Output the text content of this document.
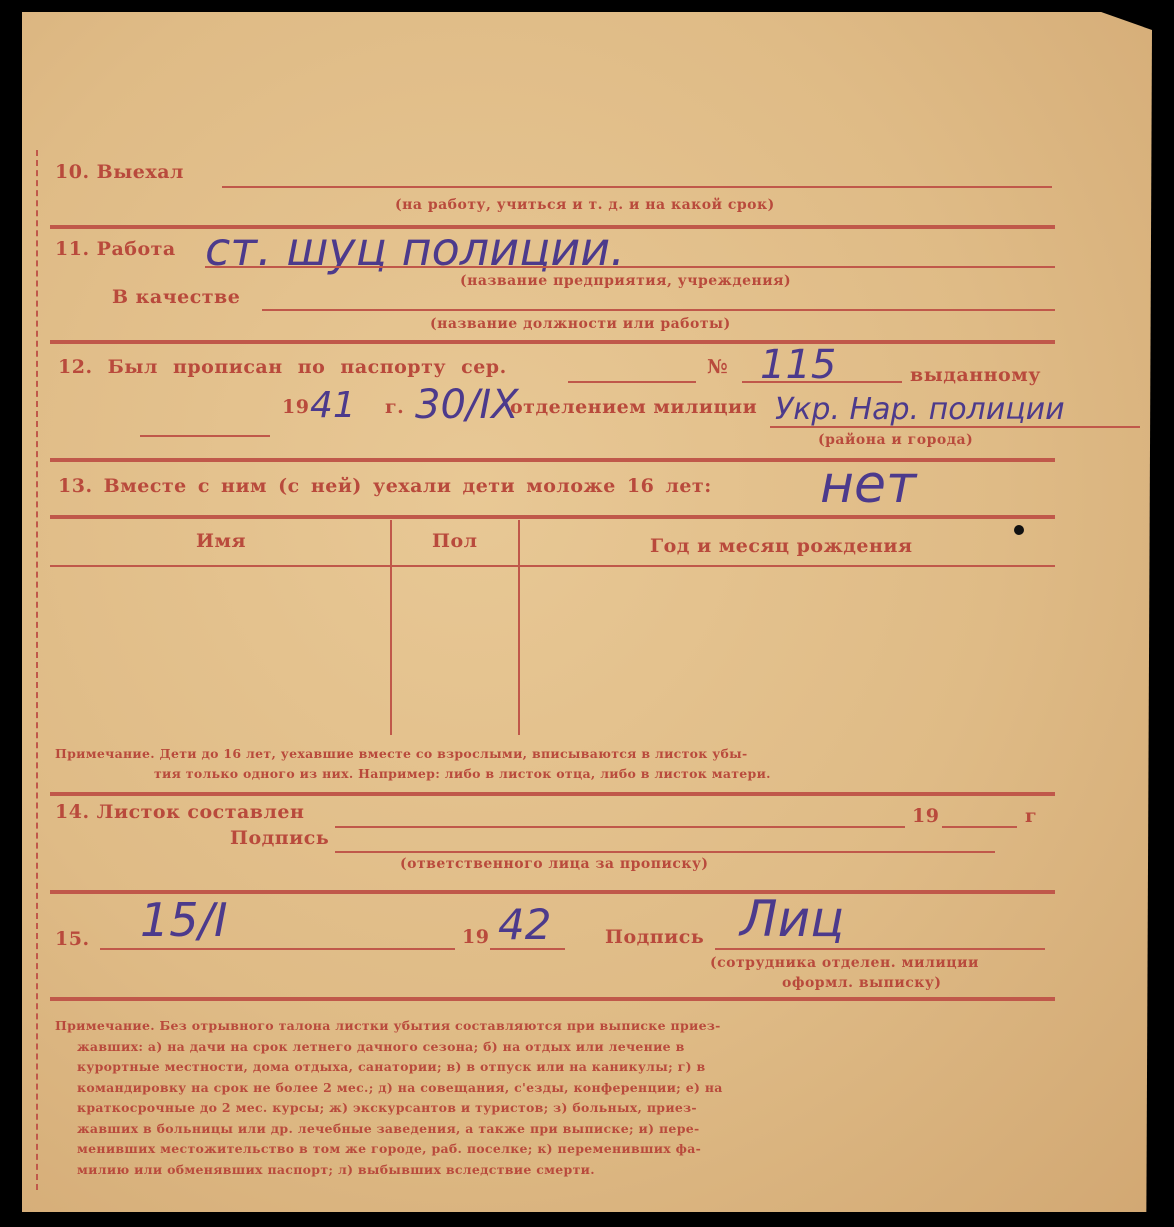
10. Выехал
(на работу, учиться и т. д. и на какой срок)
11. Работа ст. шуц полиции.
(название предприятия, учреждения)
В качестве
(название должности или работы)
12. Был прописан по паспорту сер.	№ 115	выданному
19 41 г. 30/IX
отделением милиции Укр. Нар. полиции
(района и города)
13. Вместе с ним (с ней) уехали дети моложе 16 лет: нет
Имя	Пол	Год и месяц рождения
Примечание. Дети до 16 лет, уехавшие вместе со взрослыми, вписываются в листок убы-
тия только одного из них. Например: либо в листок отца, либо в листок матери.
14. Листок составлен	19	г
Подпись
(ответственного лица за прописку)
15. 15/I	19 42	Подпись Лиц
(сотрудника отделен. милиции
оформл. выписку)
Примечание. Без отрывного талона листки убытия составляются при выписке приез-
жавших: а) на дачи на срок летнего дачного сезона; б) на отдых или лечение в
курортные местности, дома отдыха, санатории; в) в отпуск или на каникулы; г) в
командировку на срок не более 2 мес.; д) на совещания, с'езды, конференции; е) на
краткосрочные до 2 мес. курсы; ж) экскурсантов и туристов; з) больных, приез-
жавших в больницы или др. лечебные заведения, а также при выписке; и) пере-
менивших местожительство в том же городе, раб. поселке; к) переменивших фа-
милию или обменявших паспорт; л) выбывших вследствие смерти.
